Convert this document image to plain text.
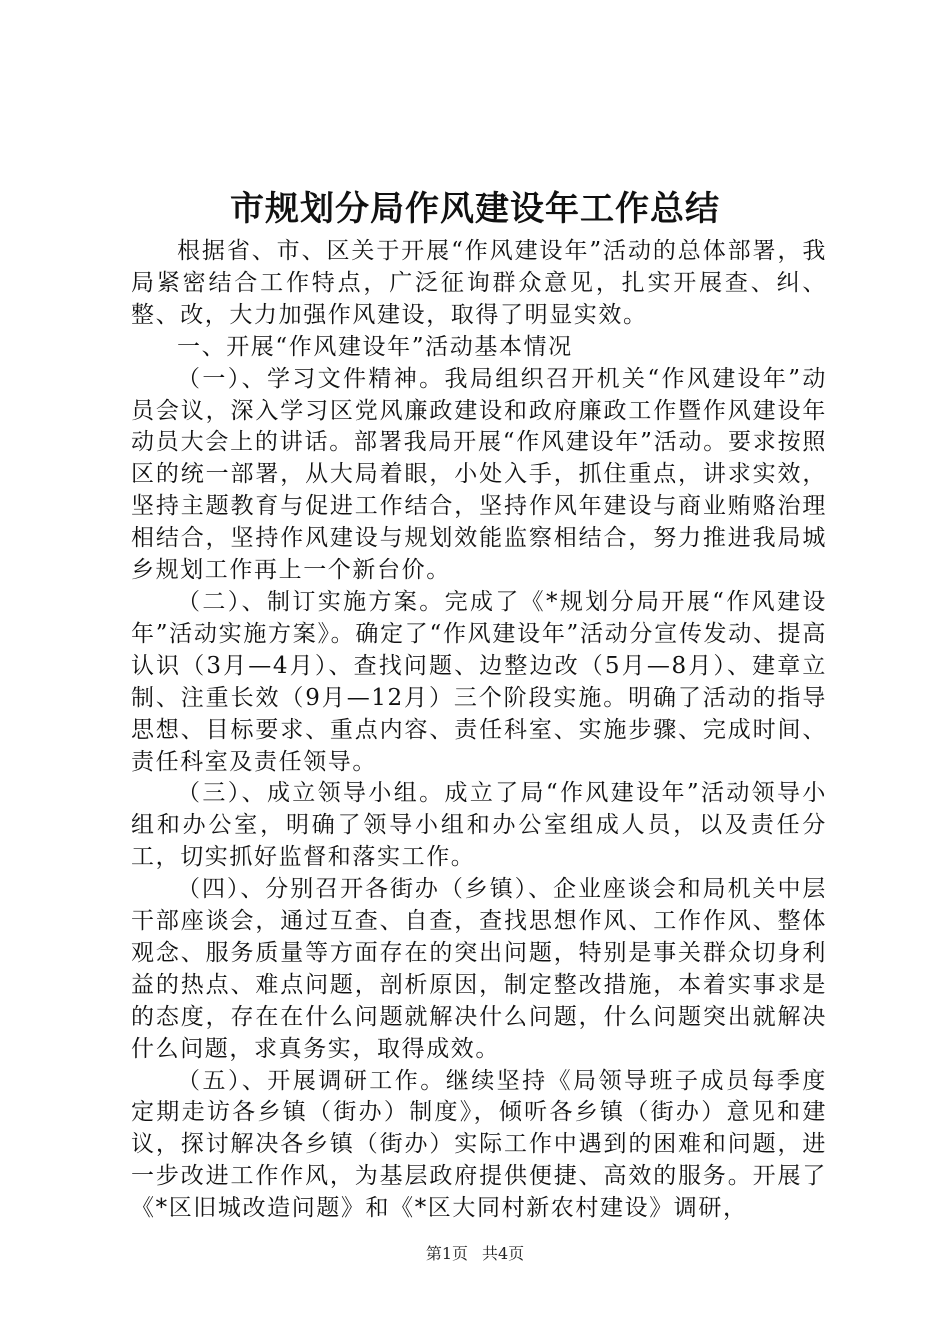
市规划分局作风建设年工作总结

根据省、市、区关于开展“作风建设年”活动的总体部署，我局紧密结合工作特点，广泛征询群众意见，扎实开展查、纠、整、改，大力加强作风建设，取得了明显实效。

一、开展“作风建设年”活动基本情况

（一）、学习文件精神。我局组织召开机关“作风建设年”动员会议，深入学习区党风廉政建设和政府廉政工作暨作风建设年动员大会上的讲话。部署我局开展“作风建设年”活动。要求按照区的统一部署，从大局着眼，小处入手，抓住重点，讲求实效，坚持主题教育与促进工作结合，坚持作风年建设与商业贿赂治理相结合，坚持作风建设与规划效能监察相结合，努力推进我局城乡规划工作再上一个新台价。

（二）、制订实施方案。完成了《*规划分局开展“作风建设年”活动实施方案》。确定了“作风建设年”活动分宣传发动、提高认识（3月—4月）、查找问题、边整边改（5月—8月）、建章立制、注重长效（9月—12月）三个阶段实施。明确了活动的指导思想、目标要求、重点内容、责任科室、实施步骤、完成时间、责任科室及责任领导。

（三）、成立领导小组。成立了局“作风建设年”活动领导小组和办公室，明确了领导小组和办公室组成人员，以及责任分工，切实抓好监督和落实工作。

（四）、分别召开各街办（乡镇）、企业座谈会和局机关中层干部座谈会，通过互查、自查，查找思想作风、工作作风、整体观念、服务质量等方面存在的突出问题，特别是事关群众切身利益的热点、难点问题，剖析原因，制定整改措施，本着实事求是的态度，存在在什么问题就解决什么问题，什么问题突出就解决什么问题，求真务实，取得成效。

（五）、开展调研工作。继续坚持《局领导班子成员每季度定期走访各乡镇（街办）制度》，倾听各乡镇（街办）意见和建议，探讨解决各乡镇（街办）实际工作中遇到的困难和问题，进一步改进工作作风，为基层政府提供便捷、高效的服务。开展了《*区旧城改造问题》和《*区大同村新农村建设》调研，

第1页 共4页
